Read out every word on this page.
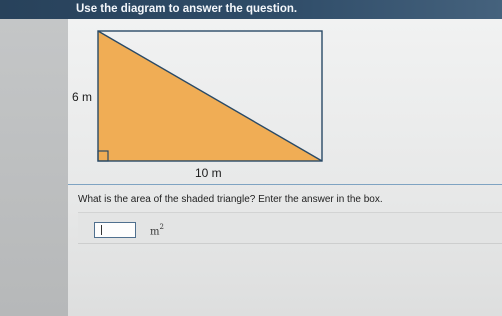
Use the diagram to answer the question.
6 m
10 m
What is the area of the shaded triangle? Enter the answer in the box.
$m^2$
